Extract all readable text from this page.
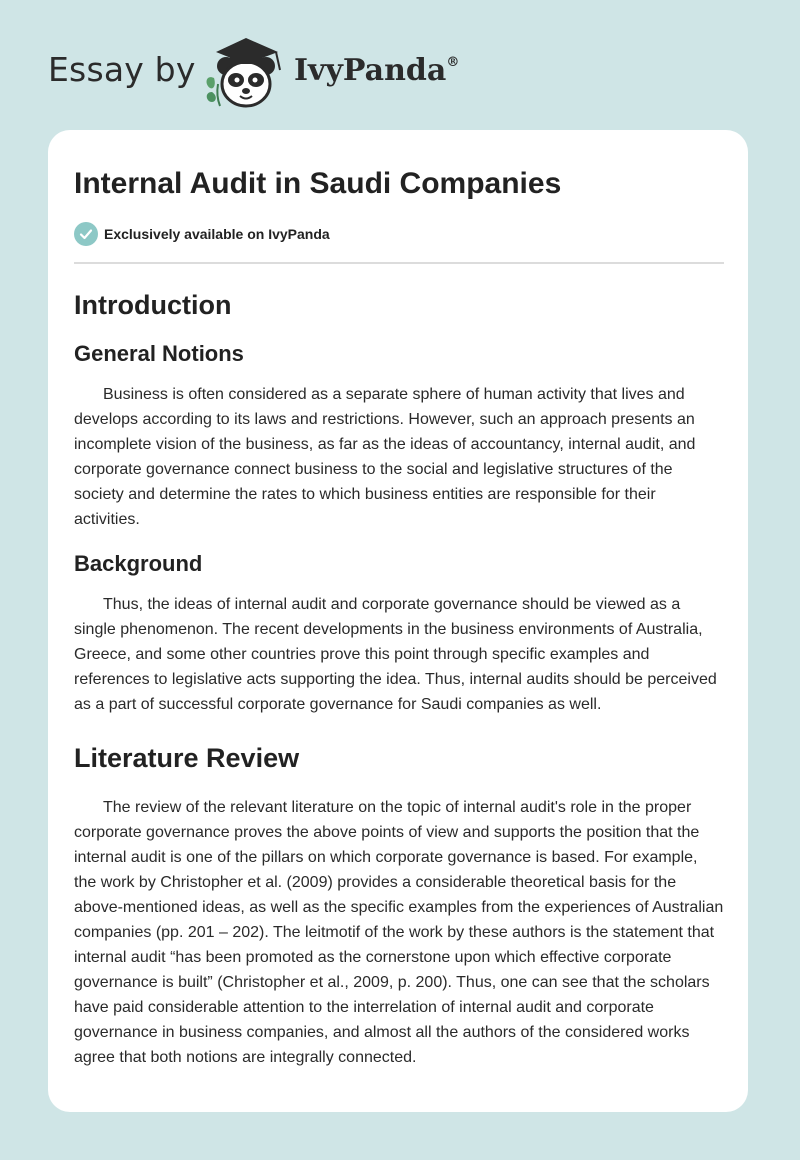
Essay by	IvyPanda®
Internal Audit in Saudi Companies
Exclusively available on IvyPanda
Introduction
General Notions

Business is often considered as a separate sphere of human activity that lives and develops according to its laws and restrictions. However, such an approach presents an incomplete vision of the business, as far as the ideas of accountancy, internal audit, and corporate governance connect business to the social and legislative structures of the society and determine the rates to which business entities are responsible for their activities.

Background

Thus, the ideas of internal audit and corporate governance should be viewed as a single phenomenon. The recent developments in the business environments of Australia, Greece, and some other countries prove this point through specific examples and references to legislative acts supporting the idea. Thus, internal audits should be perceived as a part of successful corporate governance for Saudi companies as well.

Literature Review

The review of the relevant literature on the topic of internal audit's role in the proper corporate governance proves the above points of view and supports the position that the internal audit is one of the pillars on which corporate governance is based. For example, the work by Christopher et al. (2009) provides a considerable theoretical basis for the above-mentioned ideas, as well as the specific examples from the experiences of Australian companies (pp. 201 – 202). The leitmotif of the work by these authors is the statement that internal audit “has been promoted as the cornerstone upon which effective corporate governance is built” (Christopher et al., 2009, p. 200). Thus, one can see that the scholars have paid considerable attention to the interrelation of internal audit and corporate governance in business companies, and almost all the authors of the considered works agree that both notions are integrally connected.
